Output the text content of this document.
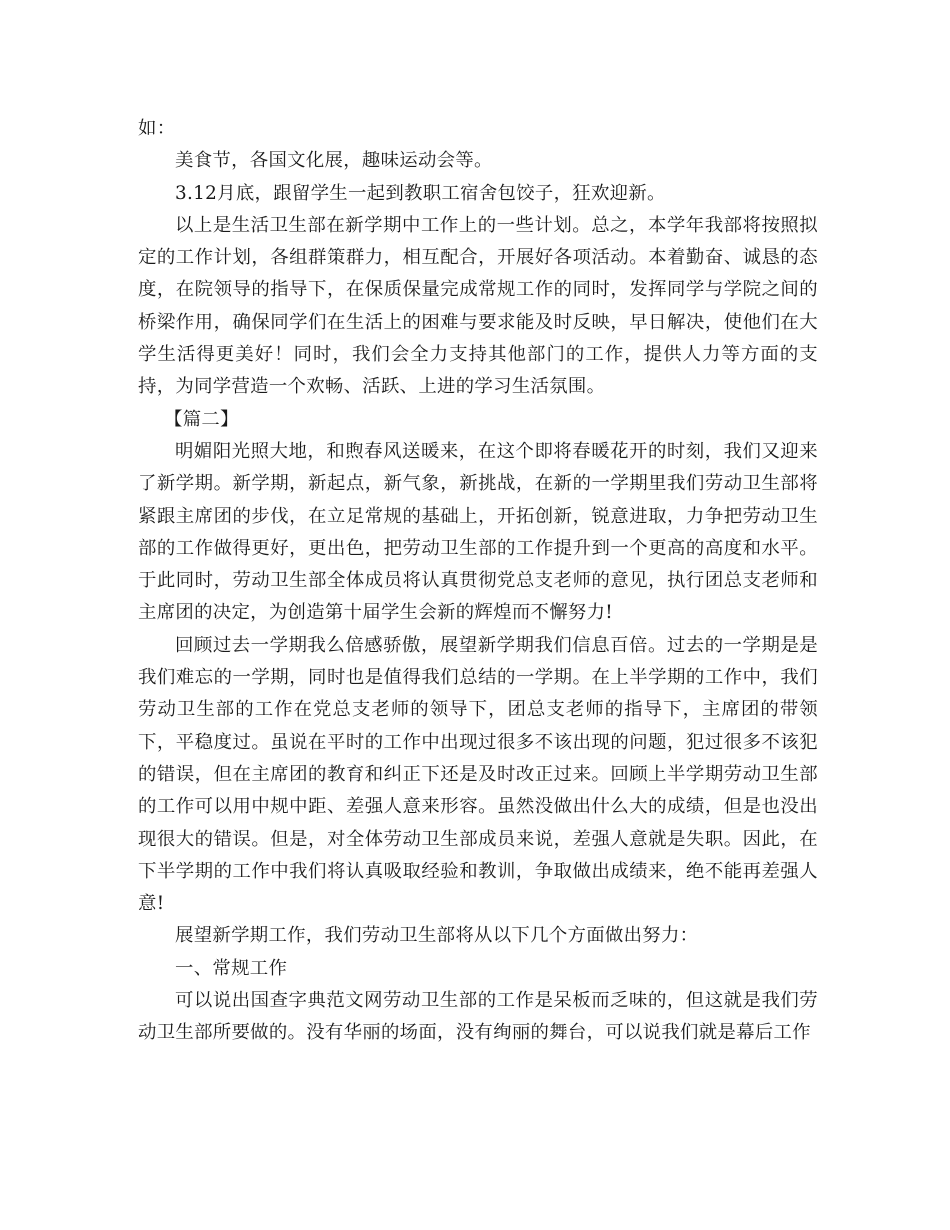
如：

美食节，各国文化展，趣味运动会等。

3.12月底，跟留学生一起到教职工宿舍包饺子，狂欢迎新。

以上是生活卫生部在新学期中工作上的一些计划。总之，本学年我部将按照拟定的工作计划，各组群策群力，相互配合，开展好各项活动。本着勤奋、诚恳的态度，在院领导的指导下，在保质保量完成常规工作的同时，发挥同学与学院之间的桥梁作用，确保同学们在生活上的困难与要求能及时反映，早日解决，使他们在大学生活得更美好！同时，我们会全力支持其他部门的工作，提供人力等方面的支持，为同学营造一个欢畅、活跃、上进的学习生活氛围。

【篇二】

明媚阳光照大地，和煦春风送暖来，在这个即将春暖花开的时刻，我们又迎来了新学期。新学期，新起点，新气象，新挑战，在新的一学期里我们劳动卫生部将紧跟主席团的步伐，在立足常规的基础上，开拓创新，锐意进取，力争把劳动卫生部的工作做得更好，更出色，把劳动卫生部的工作提升到一个更高的高度和水平。于此同时，劳动卫生部全体成员将认真贯彻党总支老师的意见，执行团总支老师和主席团的决定，为创造第十届学生会新的辉煌而不懈努力!

回顾过去一学期我么倍感骄傲，展望新学期我们信息百倍。过去的一学期是是我们难忘的一学期，同时也是值得我们总结的一学期。在上半学期的工作中，我们劳动卫生部的工作在党总支老师的领导下，团总支老师的指导下，主席团的带领下，平稳度过。虽说在平时的工作中出现过很多不该出现的问题，犯过很多不该犯的错误，但在主席团的教育和纠正下还是及时改正过来。回顾上半学期劳动卫生部的工作可以用中规中距、差强人意来形容。虽然没做出什么大的成绩，但是也没出现很大的错误。但是，对全体劳动卫生部成员来说，差强人意就是失职。因此，在下半学期的工作中我们将认真吸取经验和教训，争取做出成绩来，绝不能再差强人意!

展望新学期工作，我们劳动卫生部将从以下几个方面做出努力：

一、常规工作

可以说出国查字典范文网劳动卫生部的工作是呆板而乏味的，但这就是我们劳动卫生部所要做的。没有华丽的场面，没有绚丽的舞台，可以说我们就是幕后工作
